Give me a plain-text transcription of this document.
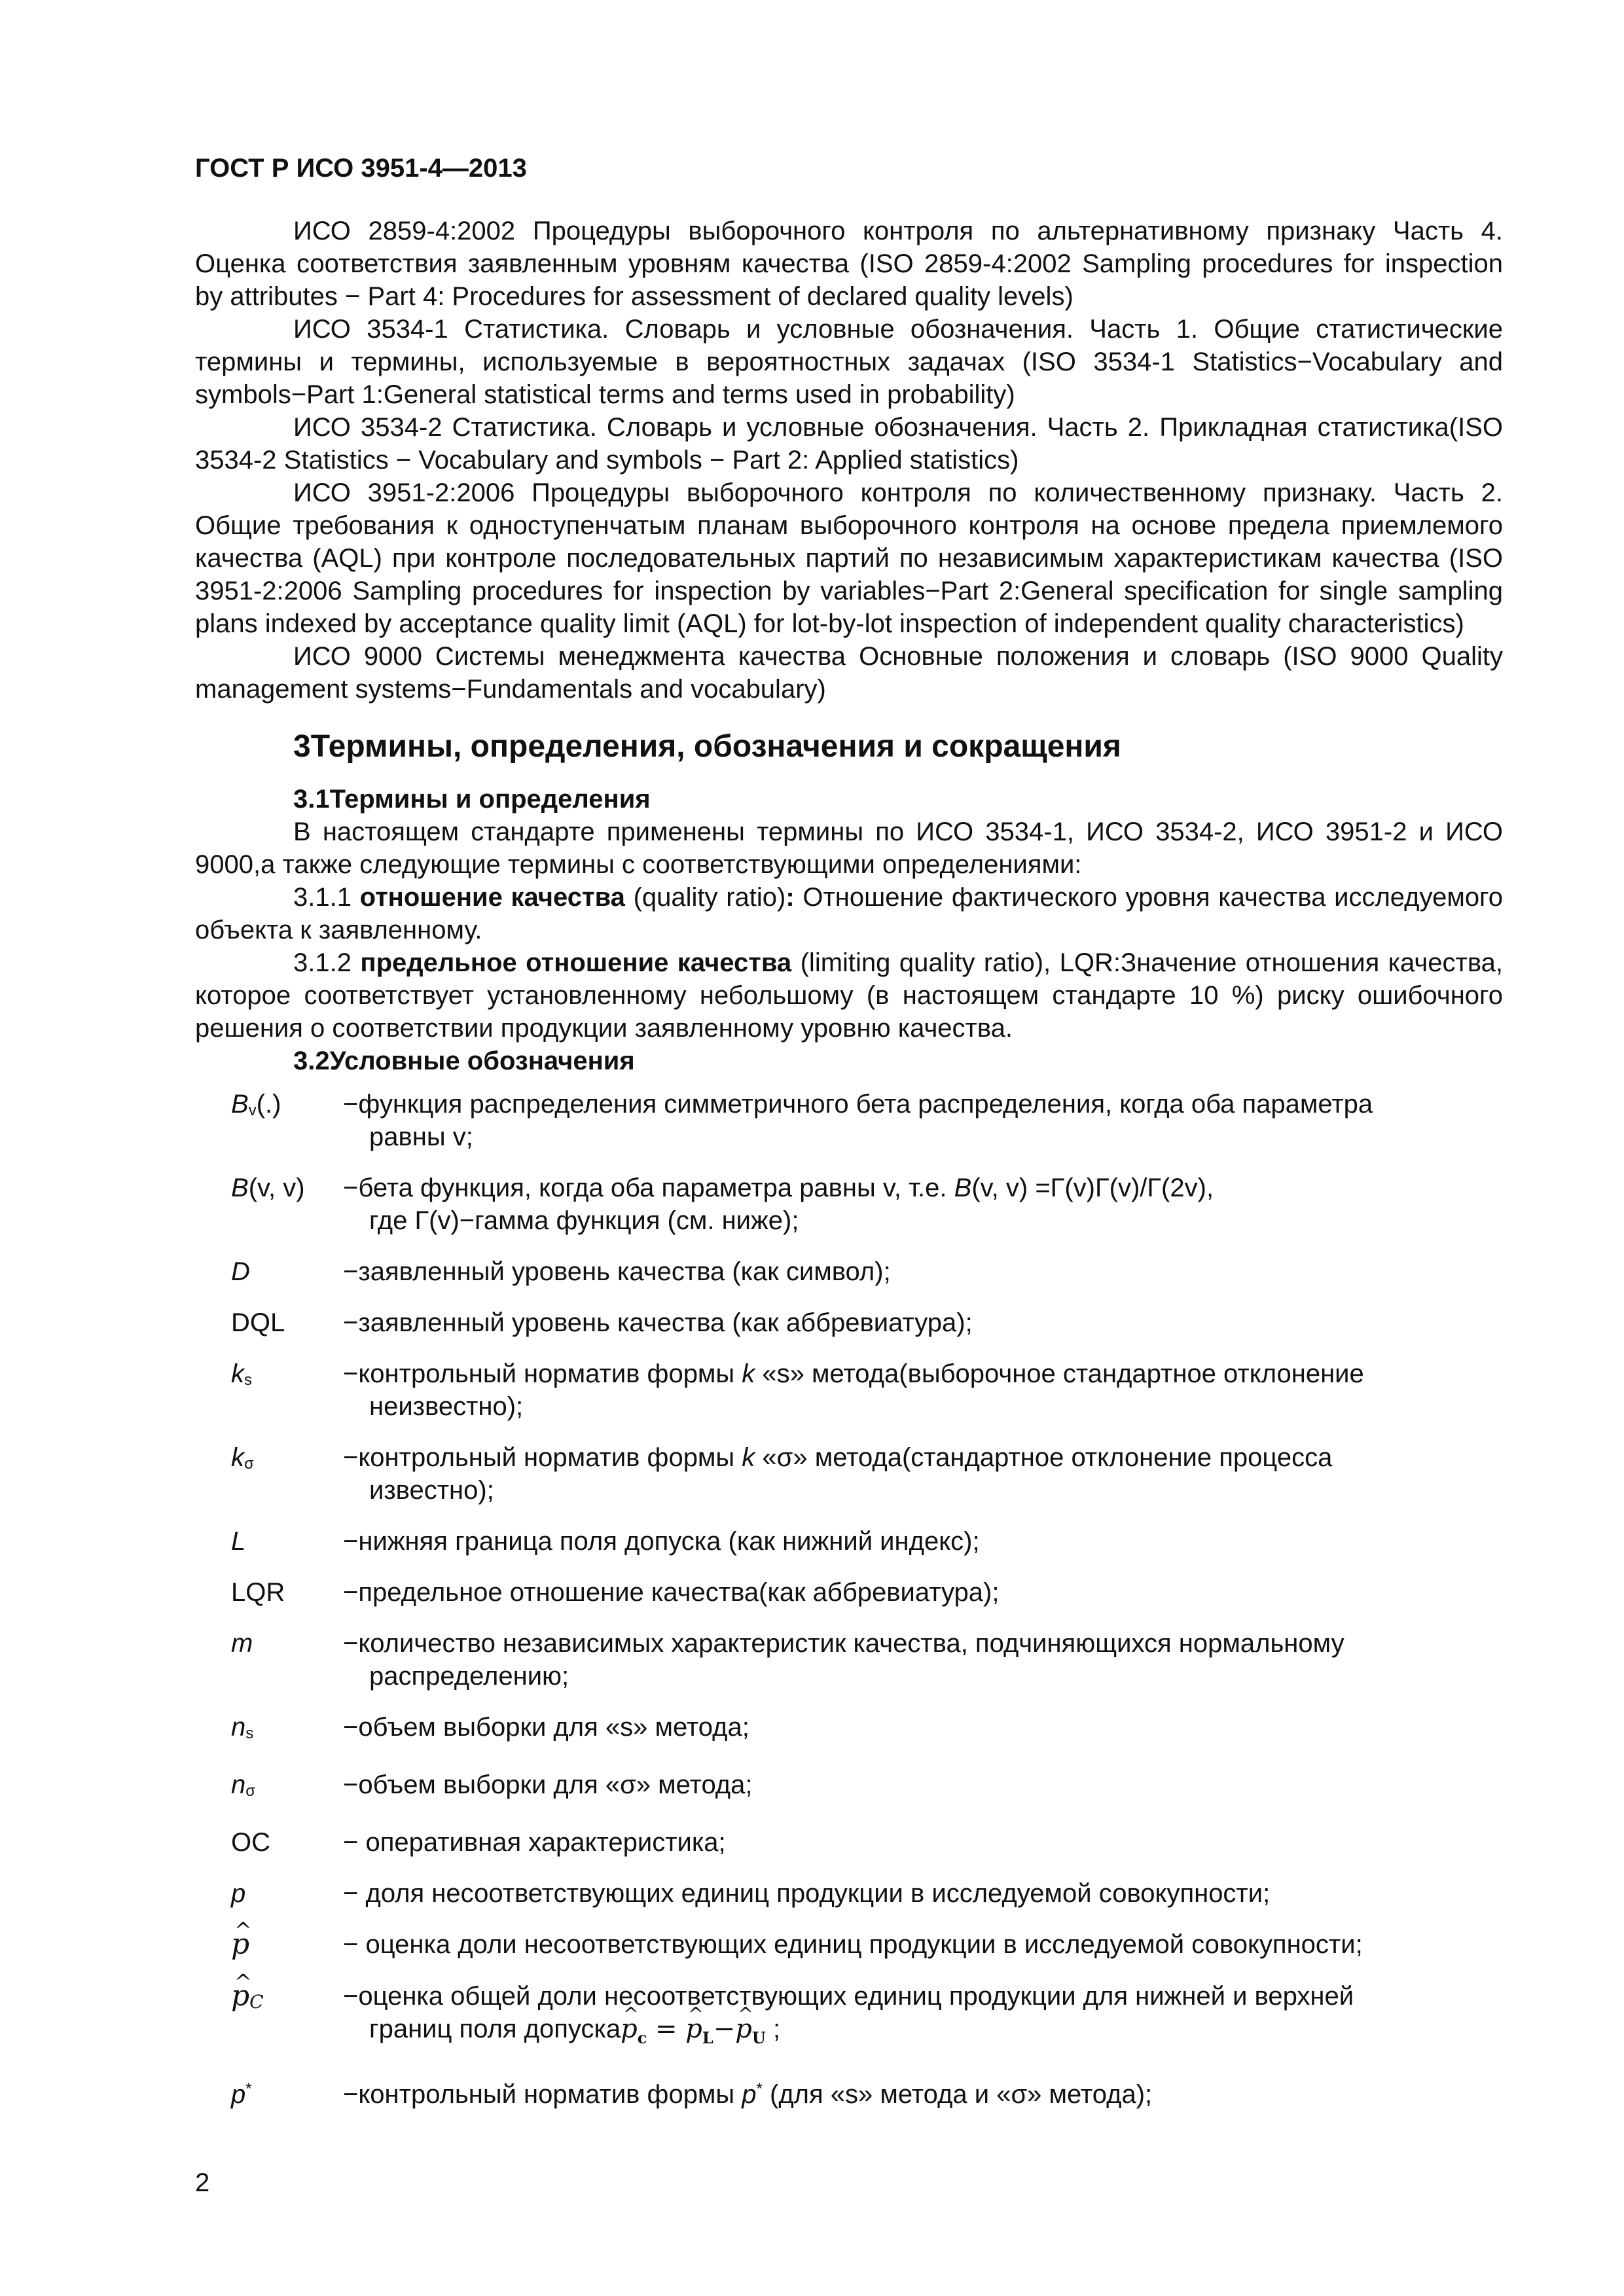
ГОСТ Р ИСО 3951-4—2013

ИСО 2859-4:2002 Процедуры выборочного контроля по альтернативному признаку Часть 4. Оценка соответствия заявленным уровням качества (ISO 2859-4:2002 Sampling procedures for inspection by attributes − Part 4: Procedures for assessment of declared quality levels)

ИСО 3534-1 Статистика. Словарь и условные обозначения. Часть 1. Общие статистические термины и термины, используемые в вероятностных задачах (ISO 3534-1 Statistics−Vocabulary and symbols−Part 1:General statistical terms and terms used in probability)

ИСО 3534-2 Статистика. Словарь и условные обозначения. Часть 2. Прикладная статистика(ISO 3534-2 Statistics − Vocabulary and symbols − Part 2: Applied statistics)

ИСО 3951-2:2006 Процедуры выборочного контроля по количественному признаку. Часть 2. Общие требования к одноступенчатым планам выборочного контроля на основе предела приемлемого качества (AQL) при контроле последовательных партий по независимым характеристикам качества (ISO 3951-2:2006 Sampling procedures for inspection by variables−Part 2:General specification for single sampling plans indexed by acceptance quality limit (AQL) for lot-by-lot inspection of independent quality characteristics)

ИСО 9000 Системы менеджмента качества Основные положения и словарь (ISO 9000 Quality management systems−Fundamentals and vocabulary)

3Термины, определения, обозначения и сокращения
3.1Термины и определения

В настоящем стандарте применены термины по ИСО 3534-1, ИСО 3534-2, ИСО 3951-2 и ИСО 9000,а также следующие термины с соответствующими определениями:

3.1.1 отношение качества (quality ratio): Отношение фактического уровня качества исследуемого объекта к заявленному.

3.1.2 предельное отношение качества (limiting quality ratio), LQR:Значение отношения качества, которое соответствует установленному небольшому (в настоящем стандарте 10 %) риску ошибочного решения о соответствии продукции заявленному уровню качества.

3.2Условные обозначения
$B_v(.)$	−функция распределения симметричного бета распределения, когда оба параметра
равны v;
B(v, v)	−бета функция, когда оба параметра равны v, т.е. B(v, v) =Г(v)Г(v)/Г(2v),
где Г(v)−гамма функция (см. ниже);
D	−заявленный уровень качества (как символ);
DQL	−заявленный уровень качества (как аббревиатура);
$k_s$	−контрольный норматив формы k «s» метода(выборочное стандартное отклонение
неизвестно);
$k_\sigma$	−контрольный норматив формы k «σ» метода(стандартное отклонение процесса
известно);
L	−нижняя граница поля допуска (как нижний индекс);
LQR	−предельное отношение качества(как аббревиатура);
m	−количество независимых характеристик качества, подчиняющихся нормальному
распределению;
$n_s$	−объем выборки для «s» метода;
$n_\sigma$	−объем выборки для «σ» метода;
OC	− оперативная характеристика;
p	− доля несоответствующих единиц продукции в исследуемой совокупности;
^ p	− оценка доли несоответствующих единиц продукции в исследуемой совокупности;
^ $p_C$	−оценка общей доли несоответствующих единиц продукции для нижней и верхней
границ поля допуска^ $p_c$ = ^ $p_L-\^{}$ $p_U$ ;
p*	−контрольный норматив формы p* (для «s» метода и «σ» метода);
2
